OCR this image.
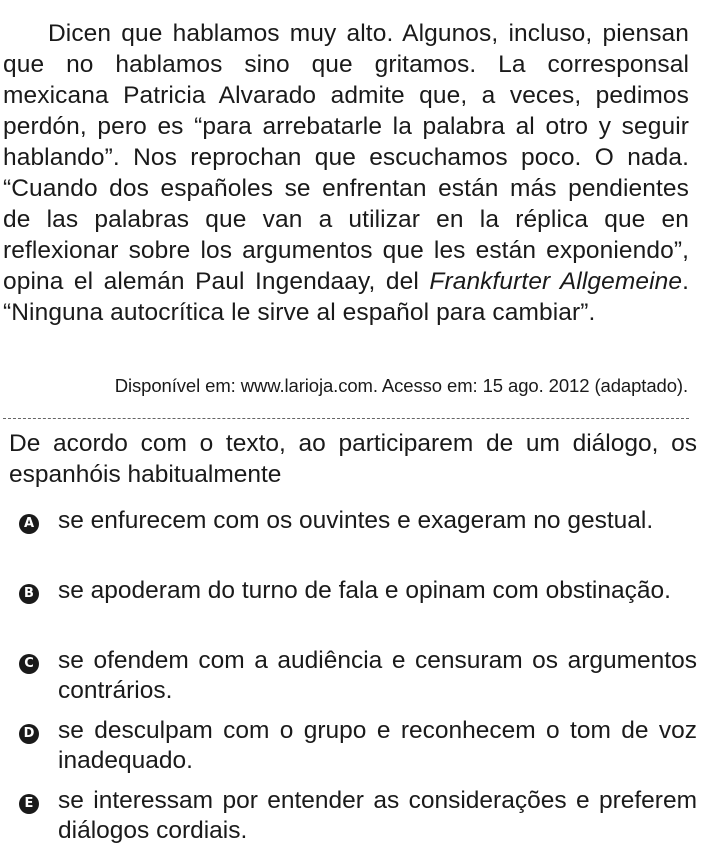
Dicen que hablamos muy alto. Algunos, incluso, piensan que no hablamos sino que gritamos. La corresponsal mexicana Patricia Alvarado admite que, a veces, pedimos perdón, pero es “para arrebatarle la palabra al otro y seguir hablando”. Nos reprochan que escuchamos poco. O nada. “Cuando dos españoles se enfrentan están más pendientes de las palabras que van a utilizar en la réplica que en reflexionar sobre los argumentos que les están exponiendo”, opina el alemán Paul Ingendaay, del Frankfurter Allgemeine. “Ninguna autocrítica le sirve al español para cambiar”.
Disponível em: www.larioja.com. Acesso em: 15 ago. 2012 (adaptado).
De acordo com o texto, ao participarem de um diálogo, os espanhóis habitualmente
A se enfurecem com os ouvintes e exageram no gestual.
B se apoderam do turno de fala e opinam com obstinação.
C se ofendem com a audiência e censuram os argumentos contrários.
D se desculpam com o grupo e reconhecem o tom de voz inadequado.
E se interessam por entender as considerações e preferem diálogos cordiais.
